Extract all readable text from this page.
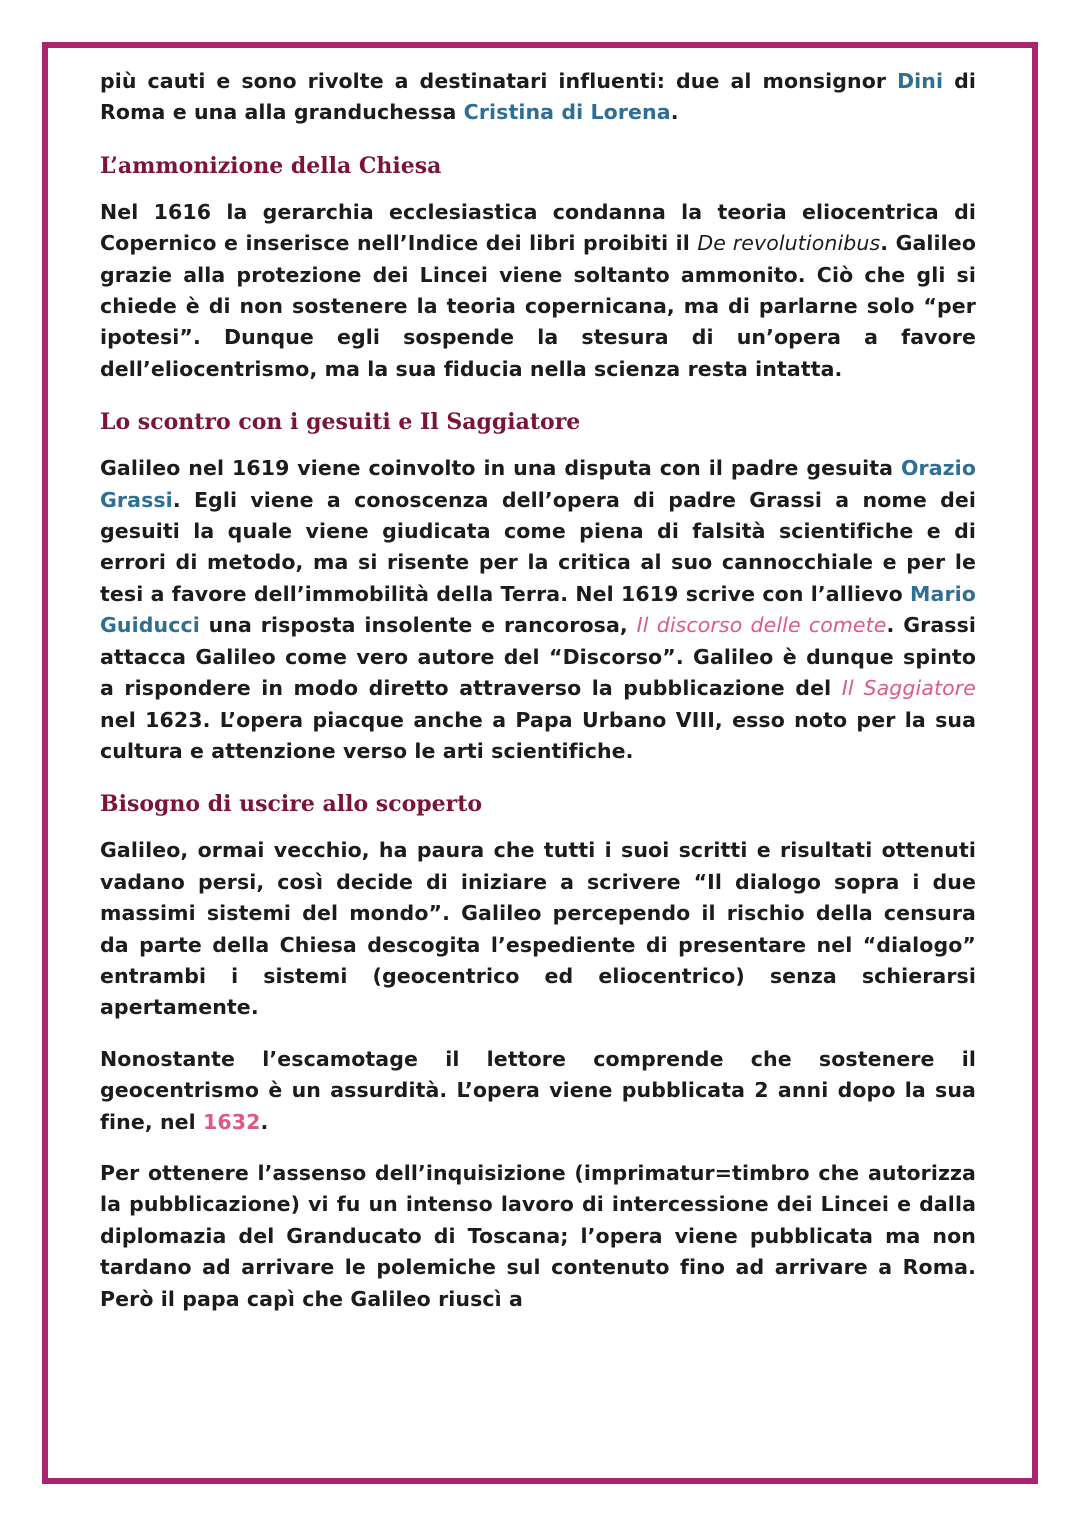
più cauti e sono rivolte a destinatari influenti: due al monsignor Dini di Roma e una alla granduchessa Cristina di Lorena.

L’ammonizione della Chiesa

Nel 1616 la gerarchia ecclesiastica condanna la teoria eliocentrica di Copernico e inserisce nell’Indice dei libri proibiti il De revolutionibus. Galileo grazie alla protezione dei Lincei viene soltanto ammonito. Ciò che gli si chiede è di non sostenere la teoria copernicana, ma di parlarne solo “per ipotesi”. Dunque egli sospende la stesura di un’opera a favore dell’eliocentrismo, ma la sua fiducia nella scienza resta intatta.

Lo scontro con i gesuiti e Il Saggiatore

Galileo nel 1619 viene coinvolto in una disputa con il padre gesuita Orazio Grassi. Egli viene a conoscenza dell’opera di padre Grassi a nome dei gesuiti la quale viene giudicata come piena di falsità scientifiche e di errori di metodo, ma si risente per la critica al suo cannocchiale e per le tesi a favore dell’immobilità della Terra. Nel 1619 scrive con l’allievo Mario Guiducci una risposta insolente e rancorosa, Il discorso delle comete. Grassi attacca Galileo come vero autore del “Discorso”. Galileo è dunque spinto a rispondere in modo diretto attraverso la pubblicazione del Il Saggiatore nel 1623. L’opera piacque anche a Papa Urbano VIII, esso noto per la sua cultura e attenzione verso le arti scientifiche.

Bisogno di uscire allo scoperto

Galileo, ormai vecchio, ha paura che tutti i suoi scritti e risultati ottenuti vadano persi, così decide di iniziare a scrivere “Il dialogo sopra i due massimi sistemi del mondo”. Galileo percependo il rischio della censura da parte della Chiesa descogita l’espediente di presentare nel “dialogo” entrambi i sistemi (geocentrico ed eliocentrico) senza schierarsi apertamente.

Nonostante l’escamotage il lettore comprende che sostenere il geocentrismo è un assurdità. L’opera viene pubblicata 2 anni dopo la sua fine, nel 1632.

Per ottenere l’assenso dell’inquisizione (imprimatur=timbro che autorizza la pubblicazione) vi fu un intenso lavoro di intercessione dei Lincei e dalla diplomazia del Granducato di Toscana; l’opera viene pubblicata ma non tardano ad arrivare le polemiche sul contenuto fino ad arrivare a Roma. Però il papa capì che Galileo riuscì a
